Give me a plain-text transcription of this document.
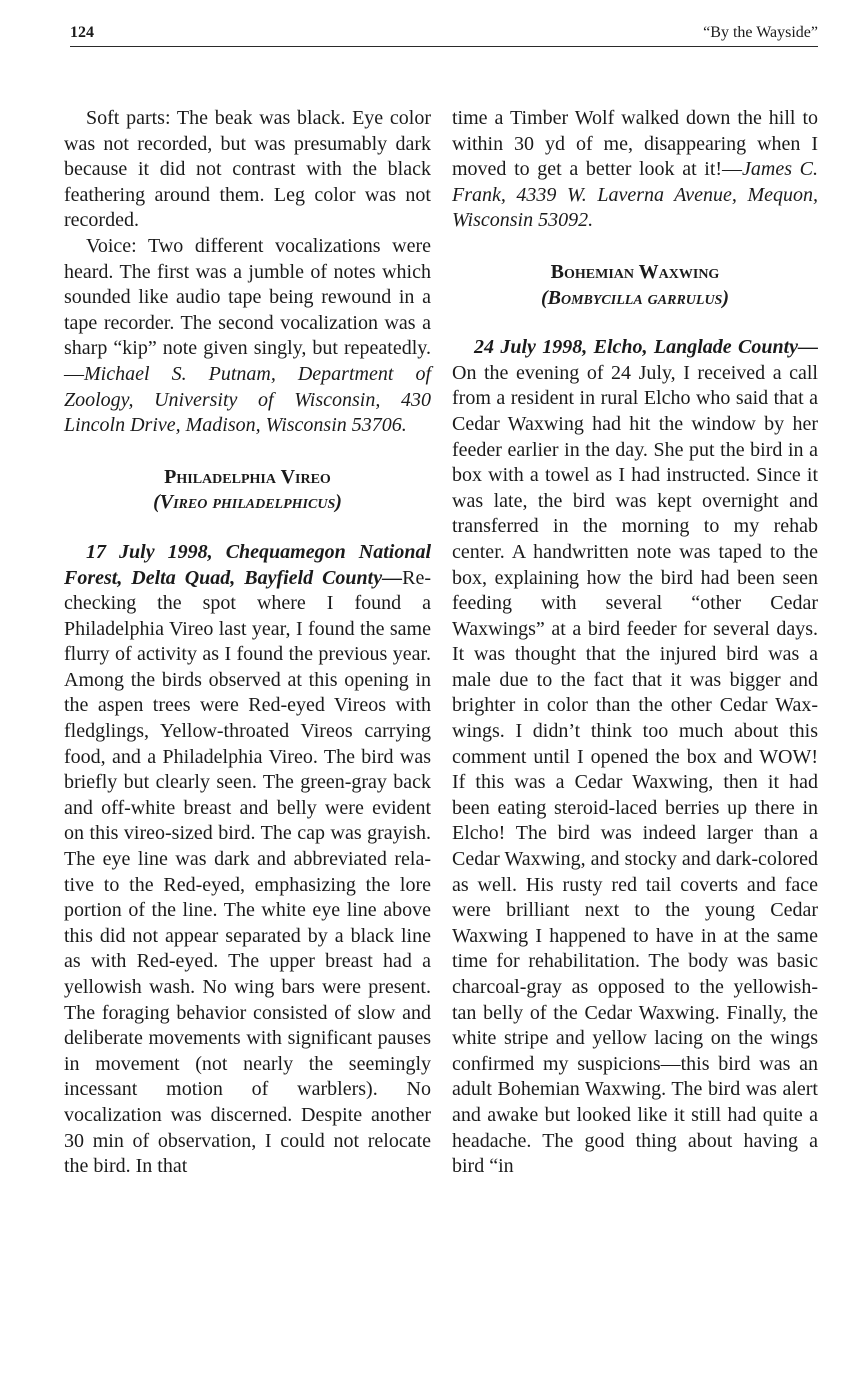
124	“By the Wayside”

Soft parts: The beak was black. Eye color was not recorded, but was presumably dark because it did not contrast with the black feathering around them. Leg color was not recorded.

Voice: Two different vocalizations were heard. The first was a jumble of notes which sounded like audio tape being rewound in a tape recorder. The second vocalization was a sharp “kip” note given singly, but repeatedly.—Michael S. Putnam, Department of Zoology, University of Wisconsin, 430 Lincoln Drive, Madison, Wisconsin 53706.

Philadelphia Vireo
(Vireo philadelphicus)

17 July 1998, Chequamegon National Forest, Delta Quad, Bayfield County—Rechecking the spot where I found a Philadelphia Vireo last year, I found the same flurry of activity as I found the previous year. Among the birds observed at this opening in the aspen trees were Red-eyed Vireos with fledglings, Yellow-throated Vireos carrying food, and a Philadelphia Vireo. The bird was briefly but clearly seen. The green-gray back and off-white breast and belly were evident on this vireo-sized bird. The cap was grayish. The eye line was dark and abbreviated relative to the Red-eyed, emphasizing the lore portion of the line. The white eye line above this did not appear separated by a black line as with Red-eyed. The upper breast had a yellowish wash. No wing bars were present. The foraging behavior consisted of slow and deliberate movements with significant pauses in movement (not nearly the seemingly incessant motion of warblers). No vocalization was discerned. Despite another 30 min of observation, I could not relocate the bird. In that

time a Timber Wolf walked down the hill to within 30 yd of me, disappearing when I moved to get a better look at it!—James C. Frank, 4339 W. Laverna Avenue, Mequon, Wisconsin 53092.

Bohemian Waxwing
(Bombycilla garrulus)

24 July 1998, Elcho, Langlade County—On the evening of 24 July, I received a call from a resident in rural Elcho who said that a Cedar Waxwing had hit the window by her feeder earlier in the day. She put the bird in a box with a towel as I had instructed. Since it was late, the bird was kept overnight and transferred in the morning to my rehab center. A handwritten note was taped to the box, explaining how the bird had been seen feeding with several “other Cedar Waxwings” at a bird feeder for several days. It was thought that the injured bird was a male due to the fact that it was bigger and brighter in color than the other Cedar Waxwings. I didn’t think too much about this comment until I opened the box and WOW! If this was a Cedar Waxwing, then it had been eating steroid-laced berries up there in Elcho! The bird was indeed larger than a Cedar Waxwing, and stocky and dark-colored as well. His rusty red tail coverts and face were brilliant next to the young Cedar Waxwing I happened to have in at the same time for rehabilitation. The body was basic charcoal-gray as opposed to the yellowish-tan belly of the Cedar Waxwing. Finally, the white stripe and yellow lacing on the wings confirmed my suspicions—this bird was an adult Bohemian Waxwing. The bird was alert and awake but looked like it still had quite a headache. The good thing about having a bird “in
